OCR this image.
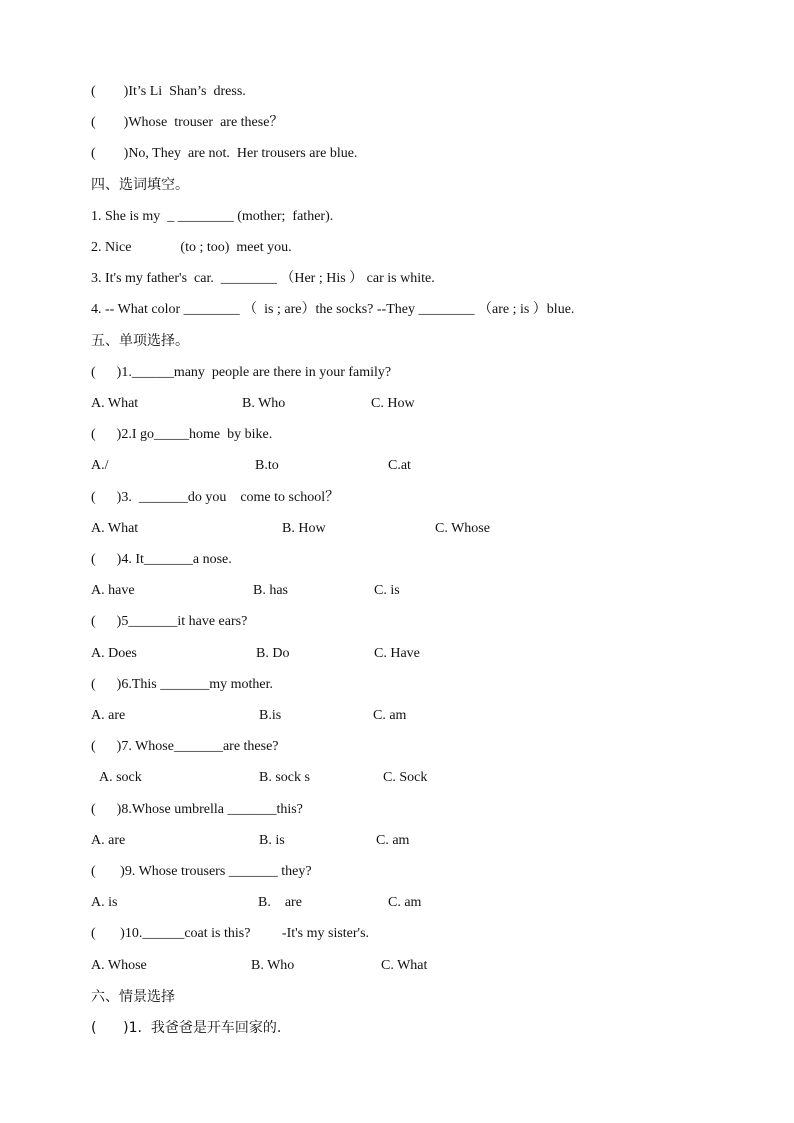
(        )It’s Li  Shan’s  dress.

(        )Whose  trouser  are these？

(        )No, They  are not.  Her trousers are blue.

四、选词填空。

1. She is my  _ ________ (mother;  father).

2. Nice              (to ; too)  meet you.

3. It's my father's  car.  ________ （Her ; His ） car is white.

4. -- What color ________ （  is ; are）the socks? --They ________ （are ; is ）blue.

五、单项选择。

(      )1.______many  people are there in your family?

A. What

	B. Who

	C. How

(      )2.I go_____home  by bike.

A./

	B.to

	C.at

(      )3.  _______do you    come to school？

A. What

	B. How

	C. Whose

(      )4. It_______a nose.

A. have

	B. has

	C. is

(      )5_______it have ears?

A. Does

	B. Do

	C. Have

(      )6.This _______my mother.

A. are

	B.is

	C. am

(      )7. Whose_______are these?

A. sock

	B. sock s

	C. Sock

(      )8.Whose umbrella _______this?

A. are

	B. is

	C. am

(       )9. Whose trousers _______ they?

A. is

	B.    are

	C. am

(       )10.______coat is this?         -It's my sister's.

A. Whose

	B. Who

	C. What

六、情景选择

(      )1.  我爸爸是开车回家的.
